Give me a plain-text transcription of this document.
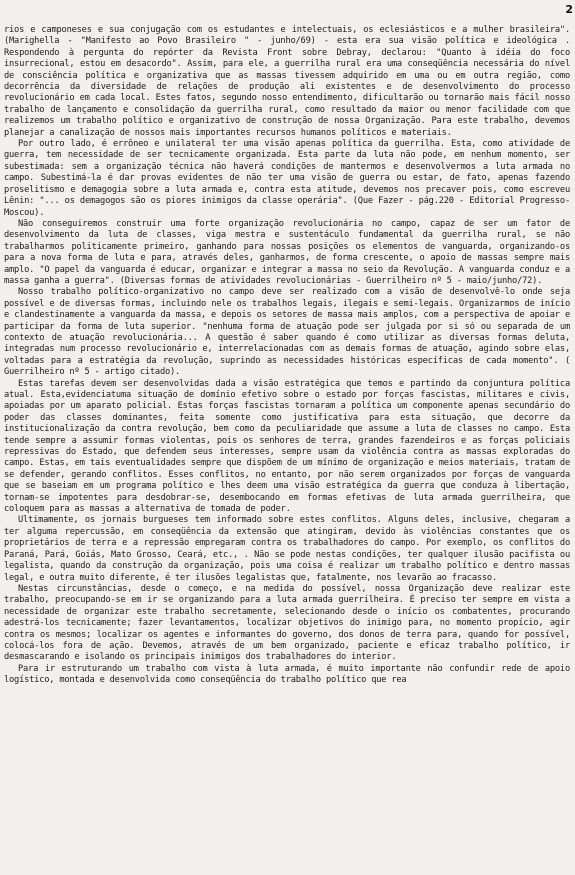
2

rios e camponeses e sua conjugação com os estudantes e intelectuais, os eclesiásticos e a mulher brasileira". (Marighella - "Manifesto ao Povo Brasileiro " - junho/69) - esta era sua visão política e ideológica . Respondendo à pergunta do repórter da Revista Front sobre Debray, declarou: "Quanto à idéia do foco insurrecional, estou em desacordo". Assim, para ele, a guerrilha rural era uma conseqüência necessária do nível de consciência política e organizativa que as massas tivessem adquirido em uma ou em outra região, como decorrência da diversidade de relações de produção ali existentes e de desenvolvimento do processo revolucionário em cada local. Estes fatos, segundo nosso entendimento, dificultarão ou tornarão mais fácil nosso trabalho de lançamento e consolidação da guerrilha rural, como resultado da maior ou menor facilidade com que realizemos um trabalho político e organizativo de construção de nossa Organização. Para este trabalho, devemos planejar a canalização de nossos mais importantes recursos humanos políticos e materiais.

Por outro lado, é errôneo e unilateral ter uma visão apenas política da guerrilha. Esta, como atividade de guerra, tem necessidade de ser tecnicamente organizada. Esta parte da luta não pode, em nenhum momento, ser subestimada: sem a organização técnica não haverá condições de mantermos e desenvolvermos a luta armada no campo. Subestimá-la é dar provas evidentes de não ter uma visão de guerra ou estar, de fato, apenas fazendo proselitismo e demagogia sobre a luta armada e, contra esta atitude, devemos nos precaver pois, como escreveu Lênin: "... os demagogos são os piores inimigos da classe operária". (Que Fazer - pág.220 - Editorial Progresso-Moscou).

Não conseguiremos construir uma forte organização revolucionária no campo, capaz de ser um fator de desenvolvimento da luta de classes, viga mestra e sustentáculo fundamental da guerrilha rural, se não trabalharmos politicamente primeiro, ganhando para nossas posições os elementos de vanguarda, organizando-os para a nova forma de luta e para, através deles, ganharmos, de forma crescente, o apoio de massas sempre mais amplo. "O papel da vanguarda é educar, organizar e integrar a massa no seio da Revolução. A vanguarda conduz e a massa ganha a guerra". (Diversas formas de atividades revolucionárias - Guerrilheiro nº 5 - maio/junho/72).

Nosso trabalho político-organizativo no campo deve ser realizado com a visão de desenvolvê-lo onde seja possível e de diversas formas, incluindo nele os trabalhos legais, ilegais e semi-legais. Organizarmos de início e clandestinamente a vanguarda da massa, e depois os setores de massa mais amplos, com a perspectiva de apoiar e participar da forma de luta superior. "nenhuma forma de atuação pode ser julgada por si só ou separada de um contexto de atuação revolucionária... A questão é saber quando é como utilizar as diversas formas deluta, integradas num processo revolucionário e, interrelacionadas com as demais formas de atuação, agindo sobre elas, voltadas para a estratégia da revolução, suprindo as necessidades históricas específicas de cada momento". ( Guerrilheiro nº 5 - artigo citado).

Estas tarefas devem ser desenvolvidas dada a visão estratégica que temos e partindo da conjuntura política atual. Esta,evidenciatuma situação de domínio efetivo sobre o estado por forças fascistas, militares e civis, apoiadas por um aparato policial. Estas forças fascistas tornaram a política um componente apenas secundário do poder das classes dominantes, feita somente como justificativa para esta situação, que decorre da institucionalização da contra revolução, bem como da peculiaridade que assume a luta de classes no campo. Esta tende sempre a assumir formas violentas, pois os senhores de terra, grandes fazendeiros e as forças policiais repressivas do Estado, que defendem seus interesses, sempre usam da violência contra as massas exploradas do campo. Estas, em tais eventualidades sempre que dispõem de um mínimo de organização e meios materiais, tratam de se defender, gerando conflitos. Esses conflitos, no entanto, por não serem organizados por forças de vanguarda que se baseiam em um programa político e lhes deem uma visão estratégica da guerra que conduza à libertação, tornam-se impotentes para desdobrar-se, desembocando em formas efetivas de luta armada guerrilheira, que coloquem para as massas a alternativa de tomada de poder.

Ultimamente, os jornais burgueses tem informado sobre estes conflitos. Alguns deles, inclusive, chegaram a ter alguma repercussão, em conseqüência da extensão que atingiram, devido às violências constantes que os proprietários de terra e a repressão empregaram contra os trabalhadores do campo. Por exemplo, os conflitos do Paraná, Pará, Goiás, Mato Grosso, Ceará, etc., . Não se pode nestas condições, ter qualquer ilusão pacifista ou legalista, quando da construção da organização, pois uma coisa é realizar um trabalho político e dentro massas legal, e outra muito diferente, é ter ilusões legalistas que, fatalmente, nos levarão ao fracasso.

Nestas circunstâncias, desde o começo, e na medida do possível, nossa Organização deve realizar este trabalho, preocupando-se em ir se organizando para a luta armada guerrilheira. É preciso ter sempre em vista a necessidade de organizar este trabalho secretamente, selecionando desde o início os combatentes, procurando adestrá-los tecnicamente; fazer levantamentos, localizar objetivos do inimigo para, no momento propício, agir contra os mesmos; localizar os agentes e informantes do governo, dos donos de terra para, quando for possível, colocá-los fora de ação. Devemos, através de um bem organizado, paciente e eficaz trabalho político, ir desmascarando e isolando os principais inimigos dos trabalhadores do interior.

Para ir estruturando um trabalho com vista à luta armada, é muito importante não confundir rede de apoio logístico, montada e desenvolvida como conseqüência do trabalho político que rea
